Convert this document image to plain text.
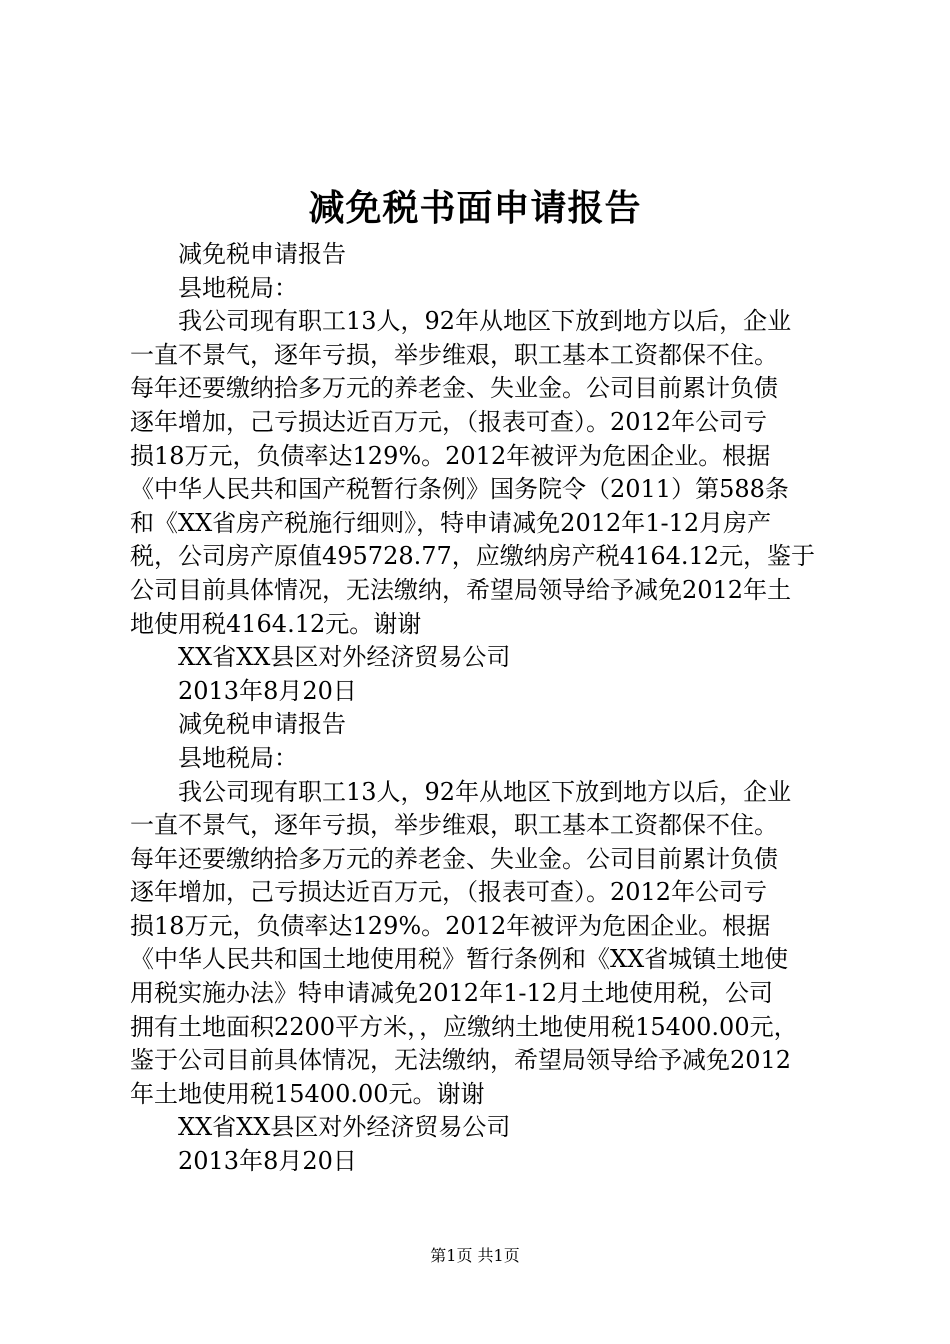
减免税书面申请报告
减免税申请报告
县地税局：
我公司现有职工13人，92年从地区下放到地方以后，企业
一直不景气，逐年亏损，举步维艰，职工基本工资都保不住。
每年还要缴纳拾多万元的养老金、失业金。公司目前累计负债
逐年增加，己亏损达近百万元，（报表可查）。2012年公司亏
损18万元，负债率达129%。2012年被评为危困企业。根据
《中华人民共和国产税暂行条例》国务院令（2011）第588条
和《XX省房产税施行细则》，特申请减免2012年1-12月房产
税，公司房产原值495728.77，应缴纳房产税4164.12元，鉴于
公司目前具体情况，无法缴纳，希望局领导给予减免2012年土
地使用税4164.12元。谢谢
XX省XX县区对外经济贸易公司
2013年8月20日
减免税申请报告
县地税局：
我公司现有职工13人，92年从地区下放到地方以后，企业
一直不景气，逐年亏损，举步维艰，职工基本工资都保不住。
每年还要缴纳拾多万元的养老金、失业金。公司目前累计负债
逐年增加，己亏损达近百万元，（报表可查）。2012年公司亏
损18万元，负债率达129%。2012年被评为危困企业。根据
《中华人民共和国土地使用税》暂行条例和《XX省城镇土地使
用税实施办法》特申请减免2012年1-12月土地使用税，公司
拥有土地面积2200平方米，，应缴纳土地使用税15400.00元，
鉴于公司目前具体情况，无法缴纳，希望局领导给予减免2012
年土地使用税15400.00元。谢谢
XX省XX县区对外经济贸易公司
2013年8月20日
第1页 共1页
